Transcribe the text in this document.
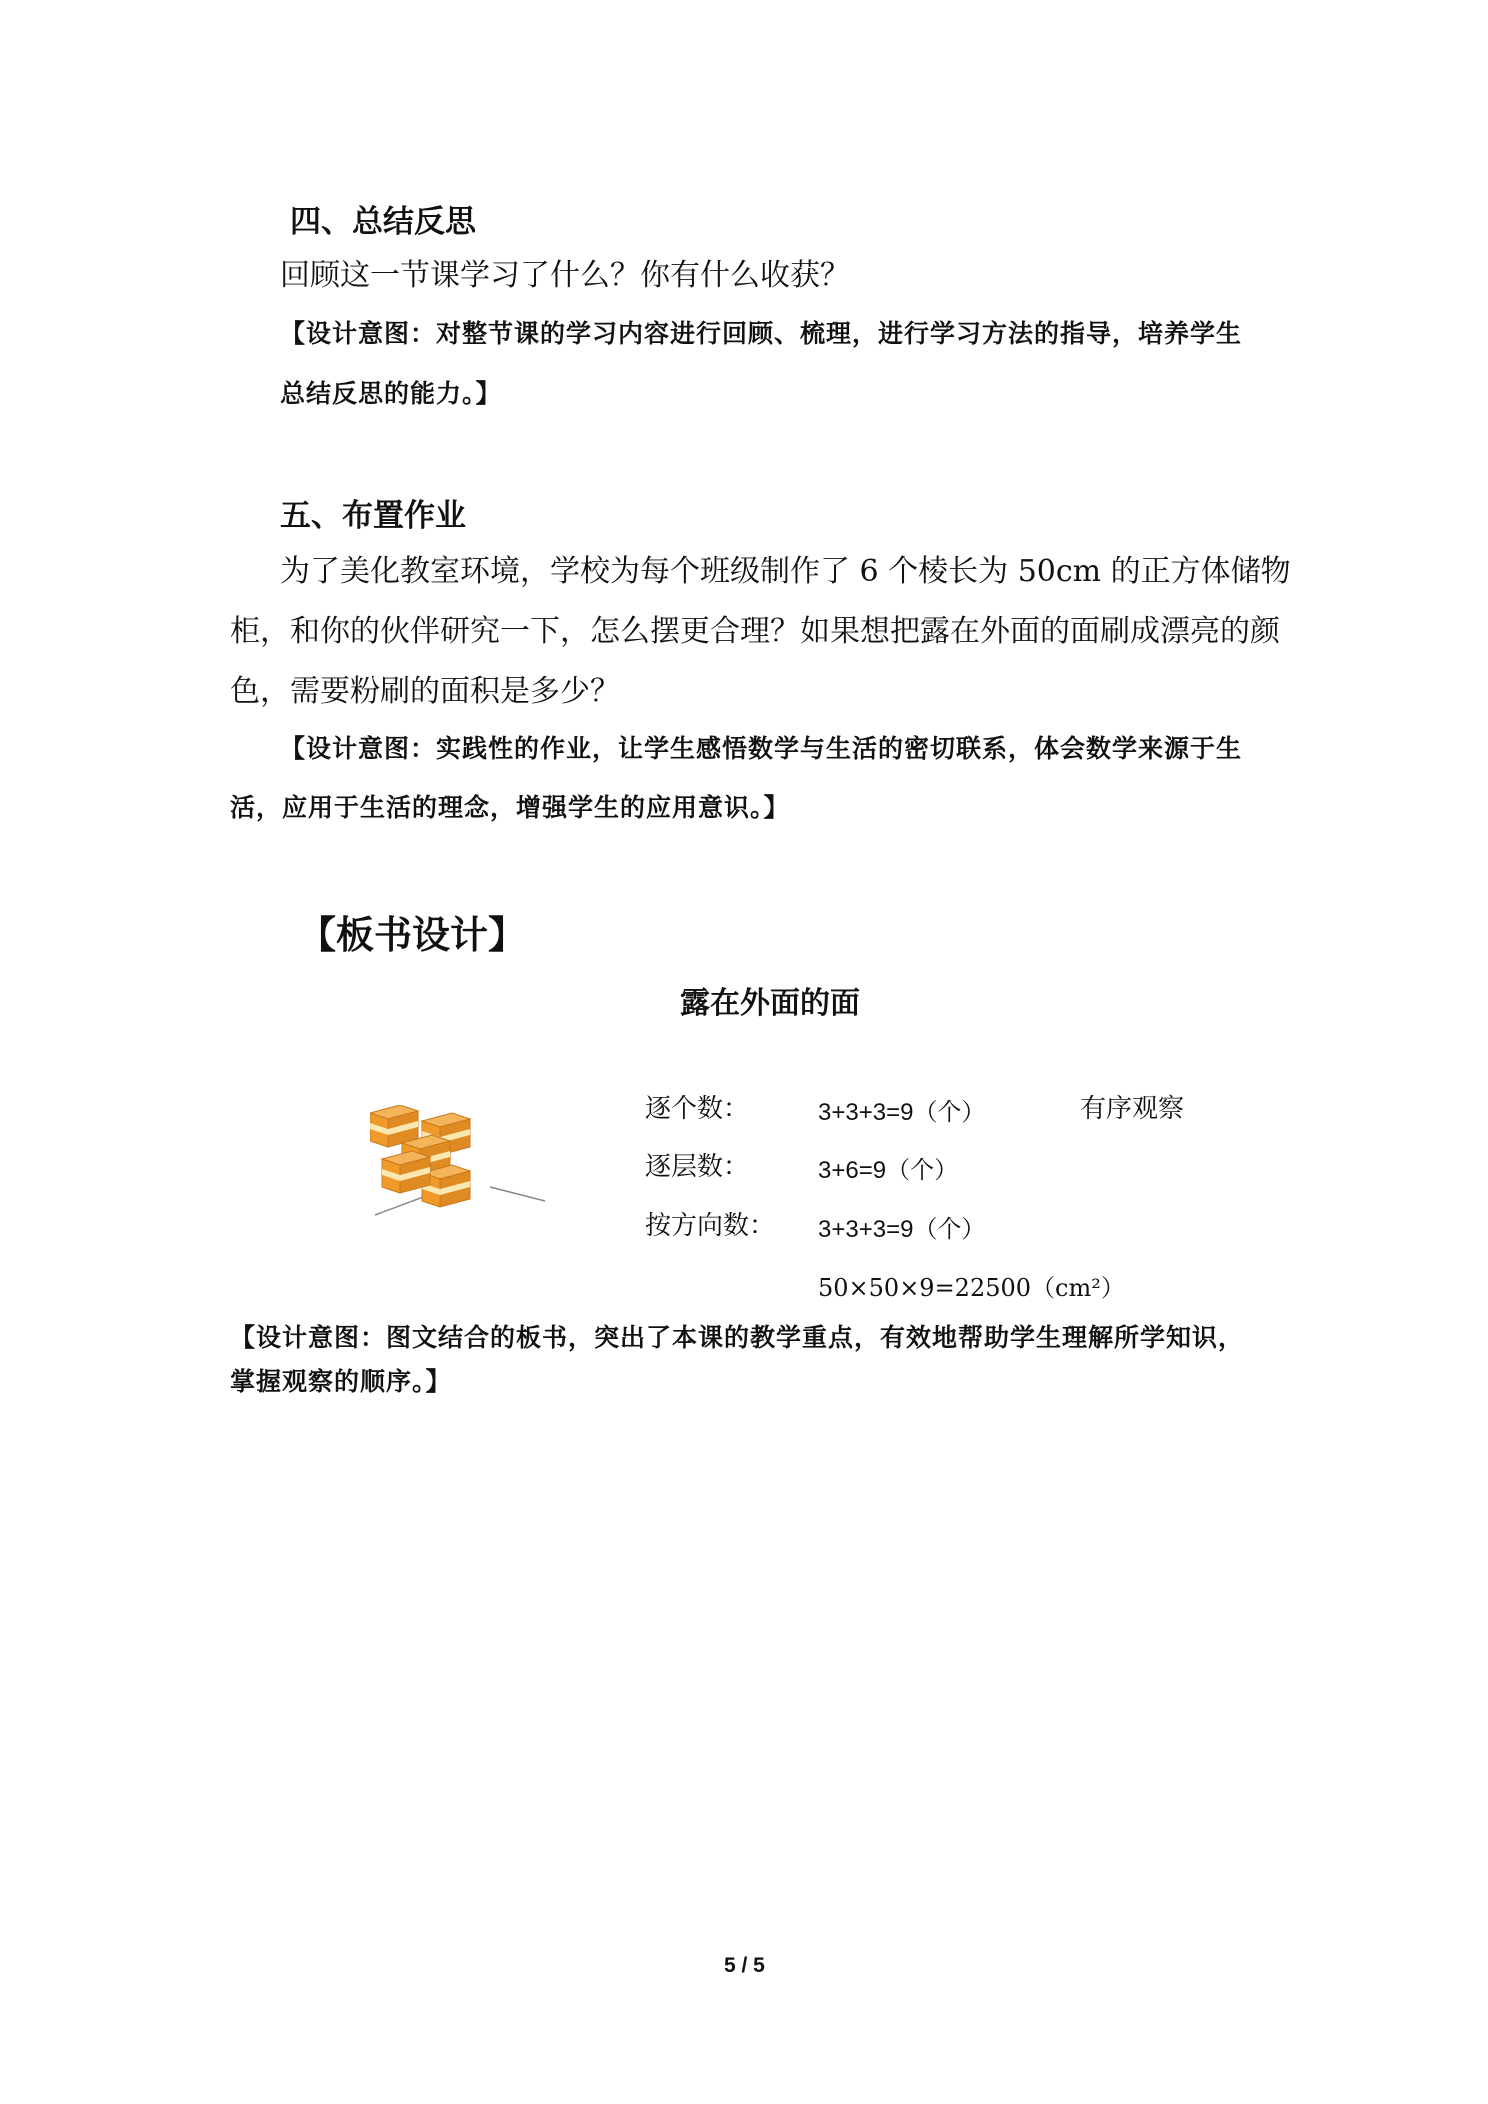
四、总结反思
回顾这一节课学习了什么？你有什么收获？
【设计意图：对整节课的学习内容进行回顾、梳理，进行学习方法的指导，培养学生
总结反思的能力。】
五、布置作业
为了美化教室环境，学校为每个班级制作了 6 个棱长为 50cm 的正方体储物
柜，和你的伙伴研究一下，怎么摆更合理？如果想把露在外面的面刷成漂亮的颜
色，需要粉刷的面积是多少？
【设计意图：实践性的作业，让学生感悟数学与生活的密切联系，体会数学来源于生
活，应用于生活的理念，增强学生的应用意识。】
【板书设计】
露在外面的面
逐个数：	3+3+3=9（个）	有序观察
逐层数：	3+6=9（个）
按方向数： 3+3+3=9（个）
50×50×9=22500（cm²）
【设计意图：图文结合的板书，突出了本课的教学重点，有效地帮助学生理解所学知识，
掌握观察的顺序。】
5 / 5
